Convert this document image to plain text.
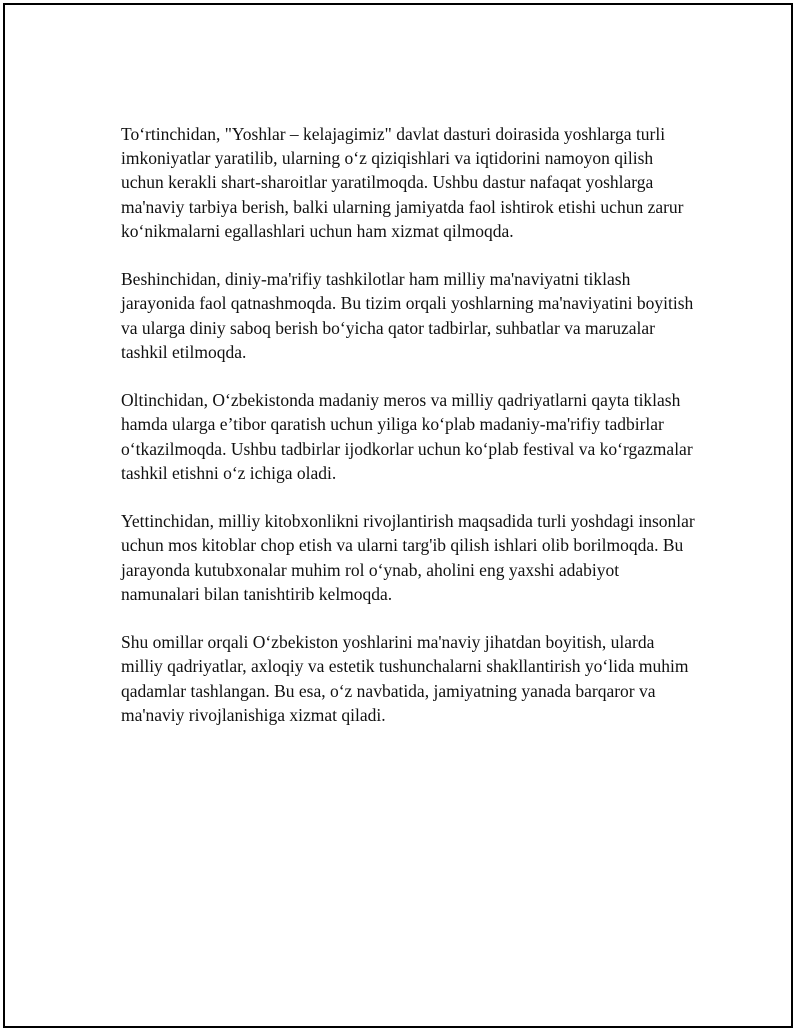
To‘rtinchidan, "Yoshlar – kelajagimiz" davlat dasturi doirasida yoshlarga turli imkoniyatlar yaratilib, ularning o‘z qiziqishlari va iqtidorini namoyon qilish uchun kerakli shart-sharoitlar yaratilmoqda. Ushbu dastur nafaqat yoshlarga ma'naviy tarbiya berish, balki ularning jamiyatda faol ishtirok etishi uchun zarur ko‘nikmalarni egallashlari uchun ham xizmat qilmoqda.

Beshinchidan, diniy-ma'rifiy tashkilotlar ham milliy ma'naviyatni tiklash jarayonida faol qatnashmoqda. Bu tizim orqali yoshlarning ma'naviyatini boyitish va ularga diniy saboq berish bo‘yicha qator tadbirlar, suhbatlar va maruzalar tashkil etilmoqda.

Oltinchidan, O‘zbekistonda madaniy meros va milliy qadriyatlarni qayta tiklash hamda ularga e’tibor qaratish uchun yiliga ko‘plab madaniy-ma'rifiy tadbirlar o‘tkazilmoqda. Ushbu tadbirlar ijodkorlar uchun ko‘plab festival va ko‘rgazmalar tashkil etishni o‘z ichiga oladi.

Yettinchidan, milliy kitobxonlikni rivojlantirish maqsadida turli yoshdagi insonlar uchun mos kitoblar chop etish va ularni targ'ib qilish ishlari olib borilmoqda. Bu jarayonda kutubxonalar muhim rol o‘ynab, aholini eng yaxshi adabiyot namunalari bilan tanishtirib kelmoqda.

Shu omillar orqali O‘zbekiston yoshlarini ma'naviy jihatdan boyitish, ularda milliy qadriyatlar, axloqiy va estetik tushunchalarni shakllantirish yo‘lida muhim qadamlar tashlangan. Bu esa, o‘z navbatida, jamiyatning yanada barqaror va ma'naviy rivojlanishiga xizmat qiladi.
